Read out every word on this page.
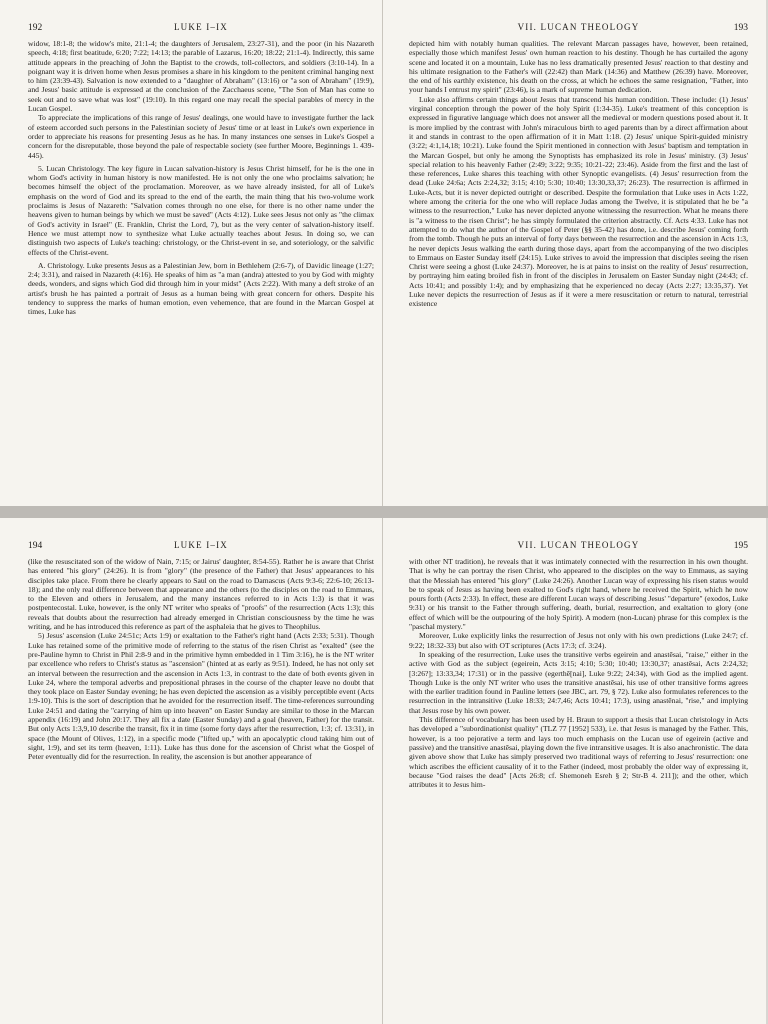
192	LUKE I–IX

widow, 18:1-8; the widow's mite, 21:1-4; the daughters of Jerusalem, 23:27-31), and the poor (in his Nazareth speech, 4:18; first beatitude, 6:20; 7:22; 14:13; the parable of Lazarus, 16:20; 18:22; 21:1-4). Indirectly, this same attitude appears in the preaching of John the Baptist to the crowds, toll-collectors, and soldiers (3:10-14). In a poignant way it is driven home when Jesus promises a share in his kingdom to the penitent criminal hanging next to him (23:39-43). Salvation is now extended to a "daughter of Abraham" (13:16) or "a son of Abraham" (19:9), and Jesus' basic attitude is expressed at the conclusion of the Zacchaeus scene, "The Son of Man has come to seek out and to save what was lost" (19:10). In this regard one may recall the special parables of mercy in the Lucan Gospel.

To appreciate the implications of this range of Jesus' dealings, one would have to investigate further the lack of esteem accorded such persons in the Palestinian society of Jesus' time or at least in Luke's own experience in order to appreciate his reasons for presenting Jesus as he has. In many instances one senses in Luke's Gospel a concern for the disreputable, those beyond the pale of respectable society (see further Moore, Beginnings 1. 439-445).

5. Lucan Christology. The key figure in Lucan salvation-history is Jesus Christ himself, for he is the one in whom God's activity in human history is now manifested. He is not only the one who proclaims salvation; he becomes himself the object of the proclamation. Moreover, as we have already insisted, for all of Luke's emphasis on the word of God and its spread to the end of the earth, the main thing that his two-volume work proclaims is Jesus of Nazareth: "Salvation comes through no one else, for there is no other name under the heavens given to human beings by which we must be saved" (Acts 4:12). Luke sees Jesus not only as "the climax of God's activity in Israel" (E. Franklin, Christ the Lord, 7), but as the very center of salvation-history itself. Hence we must attempt now to synthesize what Luke actually teaches about Jesus. In doing so, we can distinguish two aspects of Luke's teaching: christology, or the Christ-event in se, and soteriology, or the salvific effects of the Christ-event.

A. Christology. Luke presents Jesus as a Palestinian Jew, born in Bethlehem (2:6-7), of Davidic lineage (1:27; 2:4; 3:31), and raised in Nazareth (4:16). He speaks of him as "a man (andra) attested to you by God with mighty deeds, wonders, and signs which God did through him in your midst" (Acts 2:22). With many a deft stroke of an artist's brush he has painted a portrait of Jesus as a human being with great concern for others. Despite his tendency to suppress the marks of human emotion, even vehemence, that are found in the Marcan Gospel at times, Luke has

VII. LUCAN THEOLOGY	193

depicted him with notably human qualities. The relevant Marcan passages have, however, been retained, especially those which manifest Jesus' own human reaction to his destiny. Though he has curtailed the agony scene and located it on a mountain, Luke has no less dramatically presented Jesus' reaction to that destiny and his ultimate resignation to the Father's will (22:42) than Mark (14:36) and Matthew (26:39) have. Moreover, the end of his earthly existence, his death on the cross, at which he echoes the same resignation, "Father, into your hands I entrust my spirit" (23:46), is a mark of supreme human dedication.

Luke also affirms certain things about Jesus that transcend his human condition. These include: (1) Jesus' virginal conception through the power of the holy Spirit (1:34-35). Luke's treatment of this conception is expressed in figurative language which does not answer all the medieval or modern questions posed about it. It is more implied by the contrast with John's miraculous birth to aged parents than by a direct affirmation about it and stands in contrast to the open affirmation of it in Matt 1:18. (2) Jesus' unique Spirit-guided ministry (3:22; 4:1,14,18; 10:21). Luke found the Spirit mentioned in connection with Jesus' baptism and temptation in the Marcan Gospel, but only he among the Synoptists has emphasized its role in Jesus' ministry. (3) Jesus' special relation to his heavenly Father (2:49; 3:22; 9:35; 10:21-22; 23:46). Aside from the first and the last of these references, Luke shares this teaching with other Synoptic evangelists. (4) Jesus' resurrection from the dead (Luke 24:6a; Acts 2:24,32; 3:15; 4:10; 5:30; 10:40; 13:30,33,37; 26:23). The resurrection is affirmed in Luke-Acts, but it is never depicted outright or described. Despite the formulation that Luke uses in Acts 1:22, where among the criteria for the one who will replace Judas among the Twelve, it is stipulated that he be "a witness to the resurrection," Luke has never depicted anyone witnessing the resurrection. What he means there is "a witness to the risen Christ"; he has simply formulated the criterion abstractly. Cf. Acts 4:33. Luke has not attempted to do what the author of the Gospel of Peter (§§ 35-42) has done, i.e. describe Jesus' coming forth from the tomb. Though he puts an interval of forty days between the resurrection and the ascension in Acts 1:3, he never depicts Jesus walking the earth during those days, apart from the accompanying of the two disciples to Emmaus on Easter Sunday itself (24:15). Luke strives to avoid the impression that disciples seeing the risen Christ were seeing a ghost (Luke 24:37). Moreover, he is at pains to insist on the reality of Jesus' resurrection, by portraying him eating broiled fish in front of the disciples in Jerusalem on Easter Sunday night (24:43; cf. Acts 10:41; and possibly 1:4); and by emphasizing that he experienced no decay (Acts 2:27; 13:35,37). Yet Luke never depicts the resurrection of Jesus as if it were a mere resuscitation or return to natural, terrestrial existence

194	LUKE I–IX

(like the resuscitated son of the widow of Nain, 7:15; or Jairus' daughter, 8:54-55). Rather he is aware that Christ has entered "his glory" (24:26). It is from "glory" (the presence of the Father) that Jesus' appearances to his disciples take place. From there he clearly appears to Saul on the road to Damascus (Acts 9:3-6; 22:6-10; 26:13-18); and the only real difference between that appearance and the others (to the disciples on the road to Emmaus, to the Eleven and others in Jerusalem, and the many instances referred to in Acts 1:3) is that it was postpentecostal. Luke, however, is the only NT writer who speaks of "proofs" of the resurrection (Acts 1:3); this reveals that doubts about the resurrection had already emerged in Christian consciousness by the time he was writing, and he has introduced this reference as part of the asphaleia that he gives to Theophilus.

5) Jesus' ascension (Luke 24:51c; Acts 1:9) or exaltation to the Father's right hand (Acts 2:33; 5:31). Though Luke has retained some of the primitive mode of referring to the status of the risen Christ as "exalted" (see the pre-Pauline hymn to Christ in Phil 2:8-9 and in the primitive hymn embedded in 1 Tim 3:16), he is the NT writer par excellence who refers to Christ's status as "ascension" (hinted at as early as 9:51). Indeed, he has not only set an interval between the resurrection and the ascension in Acts 1:3, in contrast to the date of both events given in Luke 24, where the temporal adverbs and prepositional phrases in the course of the chapter leave no doubt that they took place on Easter Sunday evening; he has even depicted the ascension as a visibly perceptible event (Acts 1:9-10). This is the sort of description that he avoided for the resurrection itself. The time-references surrounding Luke 24:51 and dating the "carrying of him up into heaven" on Easter Sunday are similar to those in the Marcan appendix (16:19) and John 20:17. They all fix a date (Easter Sunday) and a goal (heaven, Father) for the transit. But only Acts 1:3,9,10 describe the transit, fix it in time (some forty days after the resurrection, 1:3; cf. 13:31), in space (the Mount of Olives, 1:12), in a specific mode ("lifted up," with an apocalyptic cloud taking him out of sight, 1:9), and set its term (heaven, 1:11). Luke has thus done for the ascension of Christ what the Gospel of Peter eventually did for the resurrection. In reality, the ascension is but another appearance of

VII. LUCAN THEOLOGY	195

with other NT tradition), he reveals that it was intimately connected with the resurrection in his own thought. That is why he can portray the risen Christ, who appeared to the disciples on the way to Emmaus, as saying that the Messiah has entered "his glory" (Luke 24:26). Another Lucan way of expressing his risen status would be to speak of Jesus as having been exalted to God's right hand, where he received the Spirit, which he now pours forth (Acts 2:33). In effect, these are different Lucan ways of describing Jesus' "departure" (exodos, Luke 9:31) or his transit to the Father through suffering, death, burial, resurrection, and exaltation to glory (one effect of which will be the outpouring of the holy Spirit). A modern (non-Lucan) phrase for this complex is the "paschal mystery."

Moreover, Luke explicitly links the resurrection of Jesus not only with his own predictions (Luke 24:7; cf. 9:22; 18:32-33) but also with OT scriptures (Acts 17:3; cf. 3:24).

In speaking of the resurrection, Luke uses the transitive verbs egeirein and anastēsai, "raise," either in the active with God as the subject (egeirein, Acts 3:15; 4:10; 5:30; 10:40; 13:30,37; anastēsai, Acts 2:24,32; [3:26?]; 13:33,34; 17:31) or in the passive (egerthē[nai], Luke 9:22; 24:34), with God as the implied agent. Though Luke is the only NT writer who uses the transitive anastēsai, his use of other transitive forms agrees with the earlier tradition found in Pauline letters (see JBC, art. 79, § 72). Luke also formulates references to the resurrection in the intransitive (Luke 18:33; 24:7,46; Acts 10:41; 17:3), using anastēnai, "rise," and implying that Jesus rose by his own power.

This difference of vocabulary has been used by H. Braun to support a thesis that Lucan christology in Acts has developed a "subordinationist quality" (TLZ 77 [1952] 533), i.e. that Jesus is managed by the Father. This, however, is a too pejorative a term and lays too much emphasis on the Lucan use of egeirein (active and passive) and the transitive anastēsai, playing down the five intransitive usages. It is also anachronistic. The data given above show that Luke has simply preserved two traditional ways of referring to Jesus' resurrection: one which ascribes the efficient causality of it to the Father (indeed, most probably the older way of expressing it, because "God raises the dead" [Acts 26:8; cf. Shemoneh Esreh § 2; Str-B 4. 211]); and the other, which attributes it to Jesus him-
